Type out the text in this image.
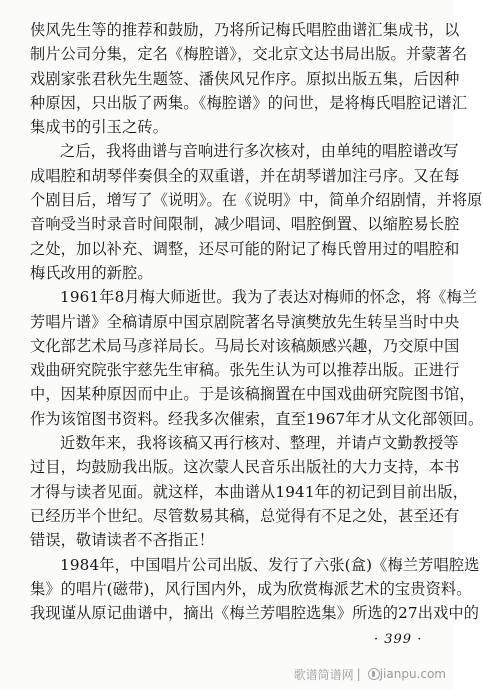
侠风先生等的推荐和鼓励，乃将所记梅氏唱腔曲谱汇集成书，以
制片公司分集，定名《梅腔谱》，交北京文达书局出版。并蒙著名
戏剧家张君秋先生题签、潘侠风兄作序。原拟出版五集，后因种
种原因，只出版了两集。《梅腔谱》的问世，是将梅氏唱腔记谱汇
集成书的引玉之砖。
之后，我将曲谱与音响进行多次核对，由单纯的唱腔谱改写
成唱腔和胡琴伴奏俱全的双重谱，并在胡琴谱加注弓序。又在每
个剧目后，增写了《说明》。在《说明》中，简单介绍剧情，并将原
音响受当时录音时间限制，减少唱词、唱腔倒置、以缩腔易长腔
之处，加以补充、调整，还尽可能的附记了梅氏曾用过的唱腔和
梅氏改用的新腔。
1961年8月梅大师逝世。我为了表达对梅师的怀念，将《梅兰
芳唱片谱》全稿请原中国京剧院著名导演樊放先生转呈当时中央
文化部艺术局马彦祥局长。马局长对该稿颇感兴趣，乃交原中国
戏曲研究院张宇慈先生审稿。张先生认为可以推荐出版。正进行
中，因某种原因而中止。于是该稿搁置在中国戏曲研究院图书馆，
作为该馆图书资料。经我多次催索，直至1967年才从文化部领回。
近数年来，我将该稿又再行核对、整理，并请卢文勤教授等
过目，均鼓励我出版。这次蒙人民音乐出版社的大力支持，本书
才得与读者见面。就这样，本曲谱从1941年的初记到目前出版，
已经历半个世纪。尽管数易其稿，总觉得有不足之处，甚至还有
错误，敬请读者不吝指正！
1984年，中国唱片公司出版、发行了六张(盒)《梅兰芳唱腔选
集》的唱片(磁带)，风行国内外，成为欣赏梅派艺术的宝贵资料。
我现谨从原记曲谱中，摘出《梅兰芳唱腔选集》所选的27出戏中的
· 399 ·
歌谱简谱网 | jianpu.com
